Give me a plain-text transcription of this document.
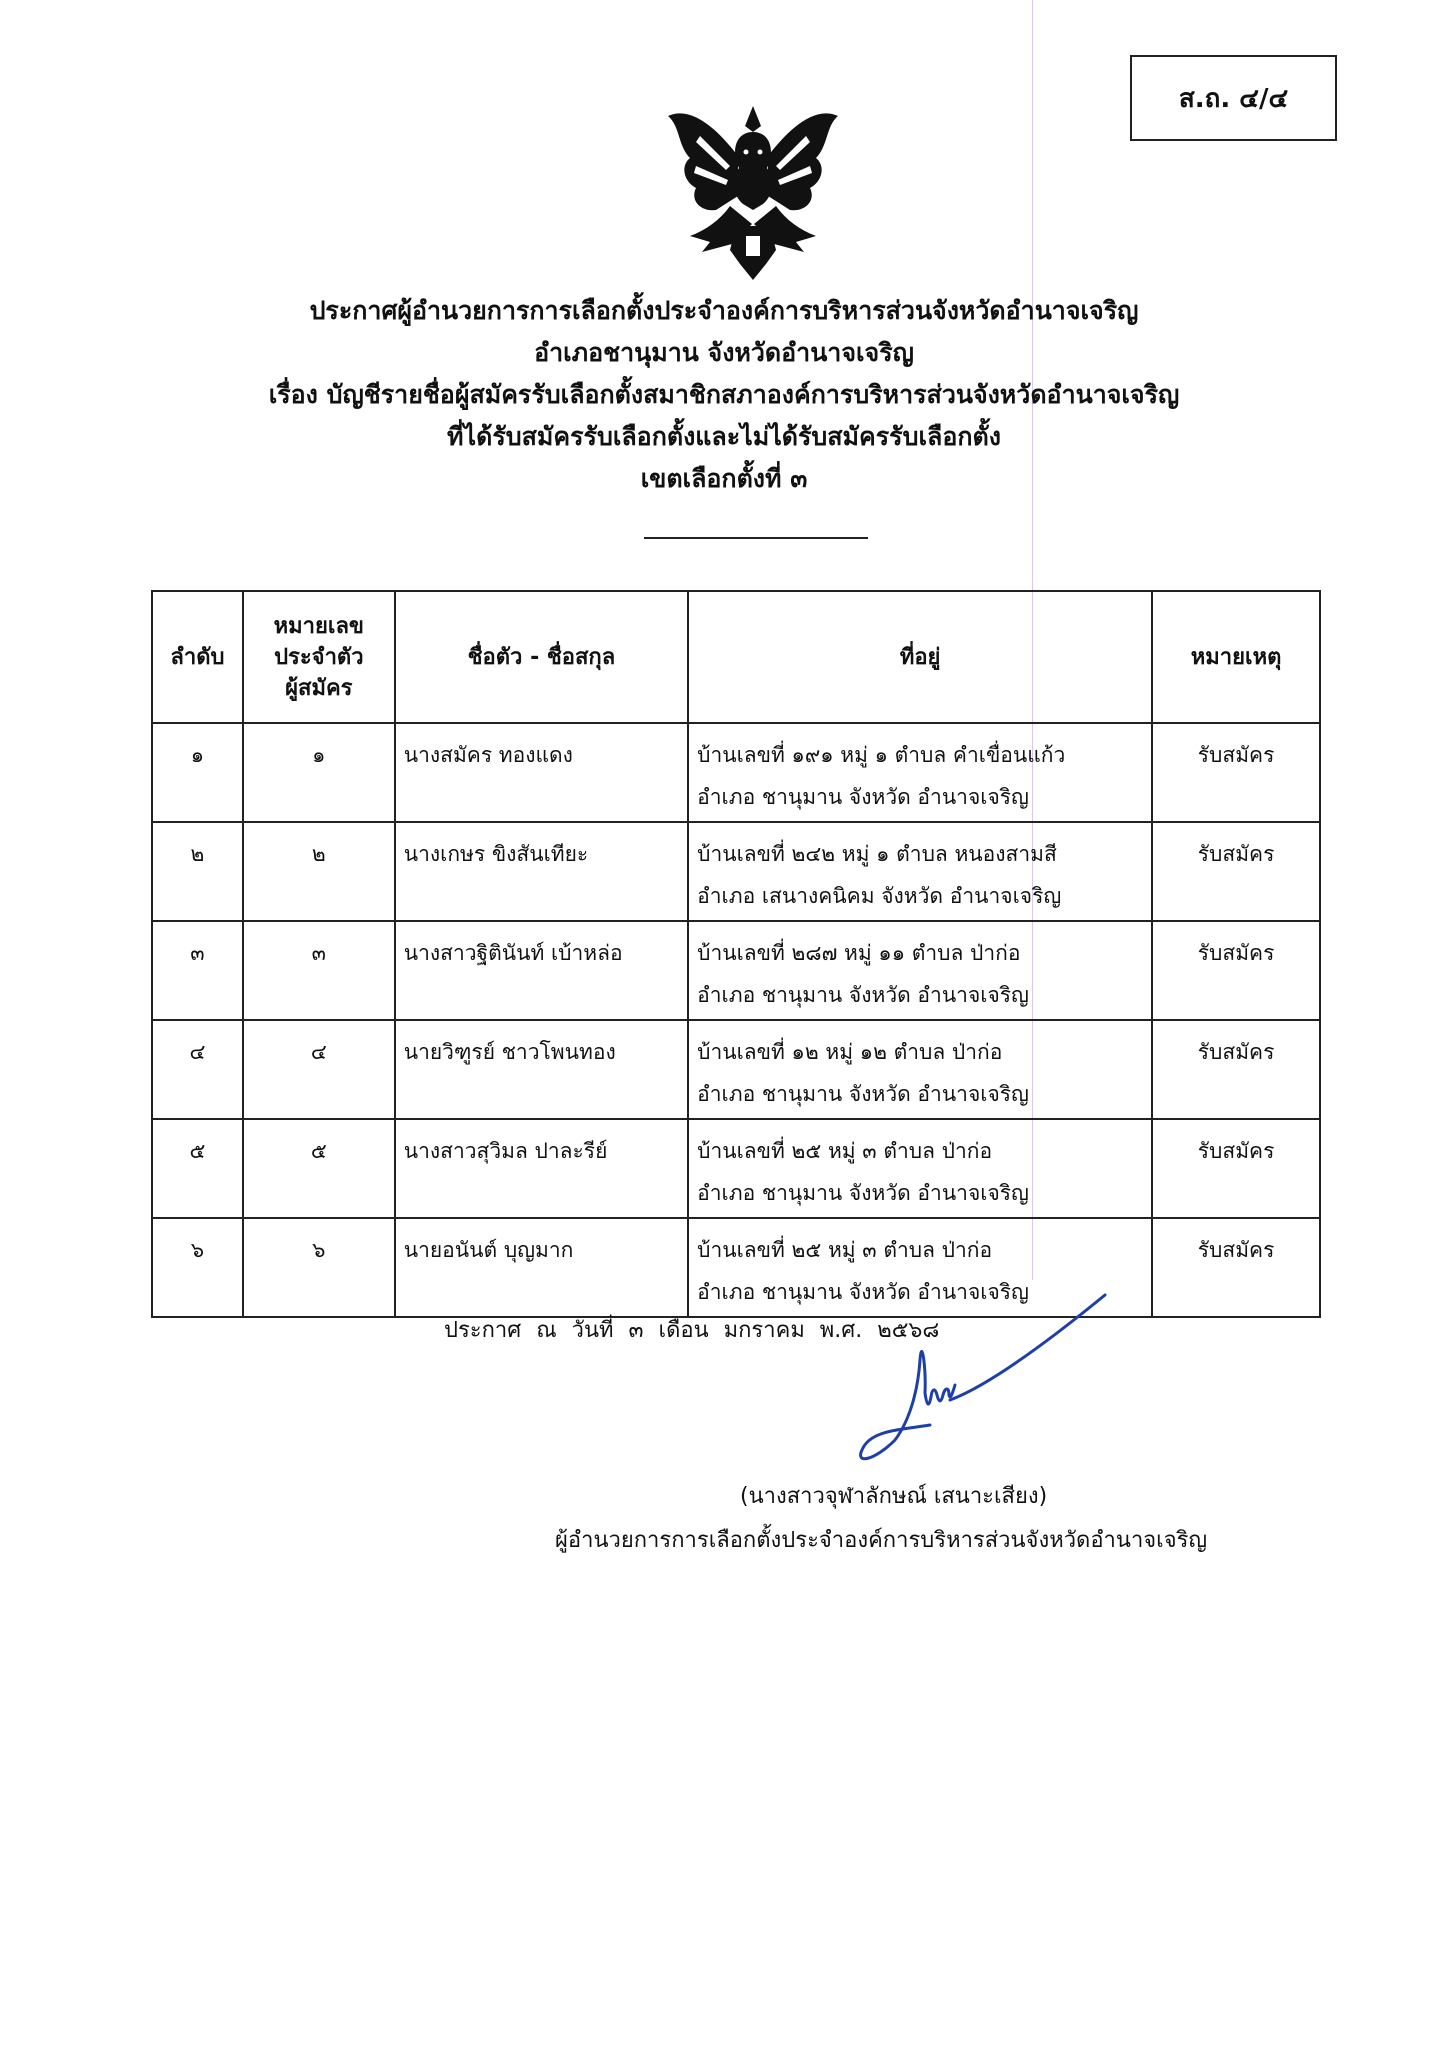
ส.ถ. ๔/๔
ประกาศผู้อำนวยการการเลือกตั้งประจำองค์การบริหารส่วนจังหวัดอำนาจเจริญ
อำเภอชานุมาน จังหวัดอำนาจเจริญ
เรื่อง บัญชีรายชื่อผู้สมัครรับเลือกตั้งสมาชิกสภาองค์การบริหารส่วนจังหวัดอำนาจเจริญ
ที่ได้รับสมัครรับเลือกตั้งและไม่ได้รับสมัครรับเลือกตั้ง
เขตเลือกตั้งที่ ๓
ลำดับ	หมายเลข
ประจำตัว
ผู้สมัคร	ชื่อตัว - ชื่อสกุล	ที่อยู่	หมายเหตุ
๑	๑	นางสมัคร ทองแดง	บ้านเลขที่ ๑๙๑ หมู่ ๑ ตำบล คำเขื่อนแก้ว
อำเภอ ชานุมาน จังหวัด อำนาจเจริญ	รับสมัคร
๒	๒	นางเกษร ขิงสันเทียะ	บ้านเลขที่ ๒๔๒ หมู่ ๑ ตำบล หนองสามสี
อำเภอ เสนางคนิคม จังหวัด อำนาจเจริญ	รับสมัคร
๓	๓	นางสาวฐิตินันท์ เบ้าหล่อ	บ้านเลขที่ ๒๘๗ หมู่ ๑๑ ตำบล ป่าก่อ
อำเภอ ชานุมาน จังหวัด อำนาจเจริญ	รับสมัคร
๔	๔	นายวิฑูรย์ ชาวโพนทอง	บ้านเลขที่ ๑๒ หมู่ ๑๒ ตำบล ป่าก่อ
อำเภอ ชานุมาน จังหวัด อำนาจเจริญ	รับสมัคร
๕	๕	นางสาวสุวิมล ปาละรีย์	บ้านเลขที่ ๒๕ หมู่ ๓ ตำบล ป่าก่อ
อำเภอ ชานุมาน จังหวัด อำนาจเจริญ	รับสมัคร
๖	๖	นายอนันต์ บุญมาก	บ้านเลขที่ ๒๕ หมู่ ๓ ตำบล ป่าก่อ
อำเภอ ชานุมาน จังหวัด อำนาจเจริญ	รับสมัคร
ประกาศ ณ วันที่ ๓ เดือน มกราคม พ.ศ. ๒๕๖๘
(นางสาวจุฬาลักษณ์ เสนาะเสียง)
ผู้อำนวยการการเลือกตั้งประจำองค์การบริหารส่วนจังหวัดอำนาจเจริญ
